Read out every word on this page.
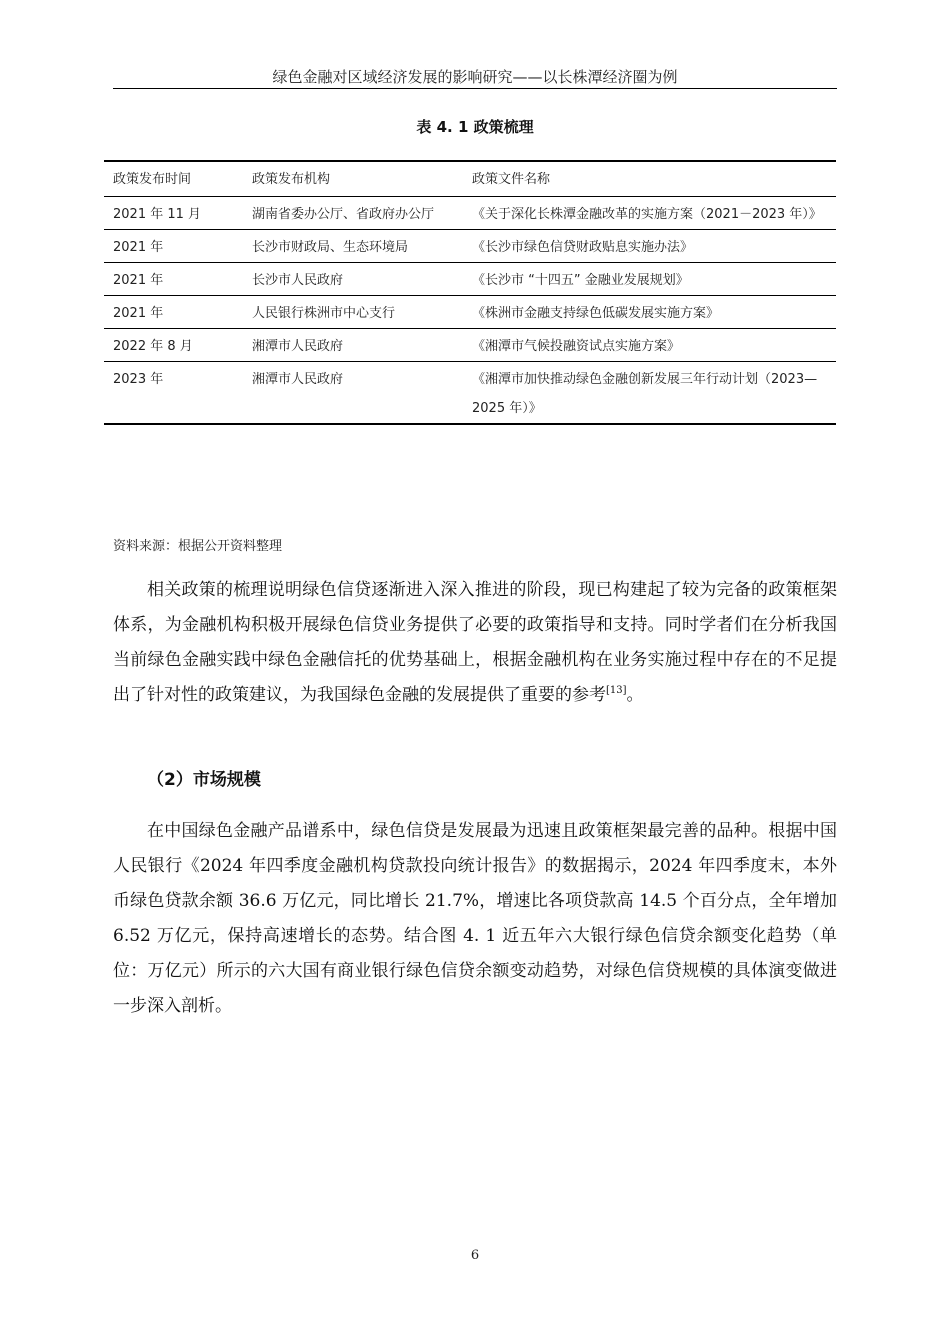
绿色金融对区域经济发展的影响研究——以长株潭经济圈为例
表 4. 1 政策梳理
政策发布时间	政策发布机构	政策文件名称
2021 年 11 月	湖南省委办公厅、省政府办公厅	《关于深化长株潭金融改革的实施方案（2021－2023 年）》
2021 年	长沙市财政局、生态环境局	《长沙市绿色信贷财政贴息实施办法》
2021 年	长沙市人民政府	《长沙市 “十四五” 金融业发展规划》
2021 年	人民银行株洲市中心支行	《株洲市金融支持绿色低碳发展实施方案》
2022 年 8 月	湘潭市人民政府	《湘潭市气候投融资试点实施方案》
2023 年	湘潭市人民政府	《湘潭市加快推动绿色金融创新发展三年行动计划（2023—2025 年）》
资料来源：根据公开资料整理

相关政策的梳理说明绿色信贷逐渐进入深入推进的阶段，现已构建起了较为完备的政策框架体系，为金融机构积极开展绿色信贷业务提供了必要的政策指导和支持。同时学者们在分析我国当前绿色金融实践中绿色金融信托的优势基础上，根据金融机构在业务实施过程中存在的不足提出了针对性的政策建议，为我国绿色金融的发展提供了重要的参考[13]。

（2）市场规模

在中国绿色金融产品谱系中，绿色信贷是发展最为迅速且政策框架最完善的品种。根据中国人民银行《2024 年四季度金融机构贷款投向统计报告》的数据揭示，2024 年四季度末，本外币绿色贷款余额 36.6 万亿元，同比增长 21.7%，增速比各项贷款高 14.5 个百分点，全年增加 6.52 万亿元，保持高速增长的态势。结合图 4. 1 近五年六大银行绿色信贷余额变化趋势（单位：万亿元）所示的六大国有商业银行绿色信贷余额变动趋势，对绿色信贷规模的具体演变做进一步深入剖析。

6
